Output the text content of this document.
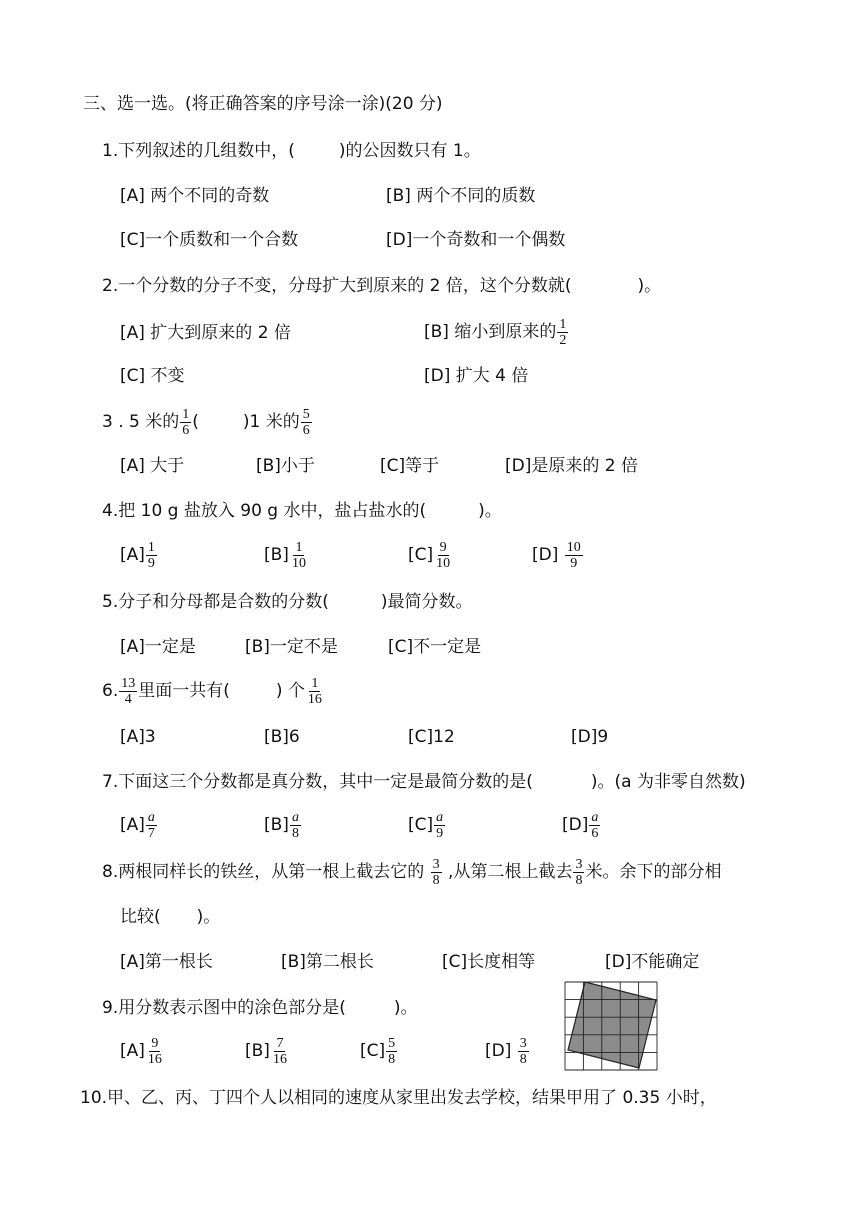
三、选一选。(将正确答案的序号涂一涂)(20 分)
1.下列叙述的几组数中，(	)的公因数只有 1。
[A] 两个不同的奇数	[B] 两个不同的质数
[C]一个质数和一个合数	[D]一个奇数和一个偶数
2.一个分数的分子不变，分母扩大到原来的 2 倍，这个分数就(	)。
[A] 扩大到原来的 2 倍	[B] 缩小到原来的 $\frac{1}{2}$
[C] 不变	[D] 扩大 4 倍
3 . 5 米的 $\frac{1}{6}$ (	)1 米的 $\frac{5}{6}$
[A] 大于	[B]小于	[C]等于	[D]是原来的 2 倍
4.把 10 g 盐放入 90 g 水中，盐占盐水的(	)。
$[A] \frac{1}{9}$	$[B] \frac{1}{10}$	$[C] \frac{9}{10}$	$[D] \frac{10}{9}$
5.分子和分母都是合数的分数(	)最简分数。
[A]一定是	[B]一定不是	[C]不一定是
6. $\frac{13}{4}$ 里面一共有(	) 个 $\frac{1}{16}$
[A]3	[B]6	[C]12	[D]9
7.下面这三个分数都是真分数，其中一定是最简分数的是(	)。(a 为非零自然数)
$[A] \frac{a}{7}$	$[B] \frac{a}{8}$	$[C] \frac{a}{9}$	$[D] \frac{a}{6}$
8.两根同样长的铁丝，从第一根上截去它的 $\frac{3}{8}$ ,从第二根上截去 $\frac{3}{8}$ 米。余下的部分相
比较( )。
[A]第一根长	[B]第二根长	[C]长度相等	[D]不能确定
9.用分数表示图中的涂色部分是(	)。
$[A] \frac{9}{16}$	$[B] \frac{7}{16}$	$[C] \frac{5}{8}$	$[D] \frac{3}{8}$
10.甲、乙、丙、丁四个人以相同的速度从家里出发去学校，结果甲用了 0.35 小时，
